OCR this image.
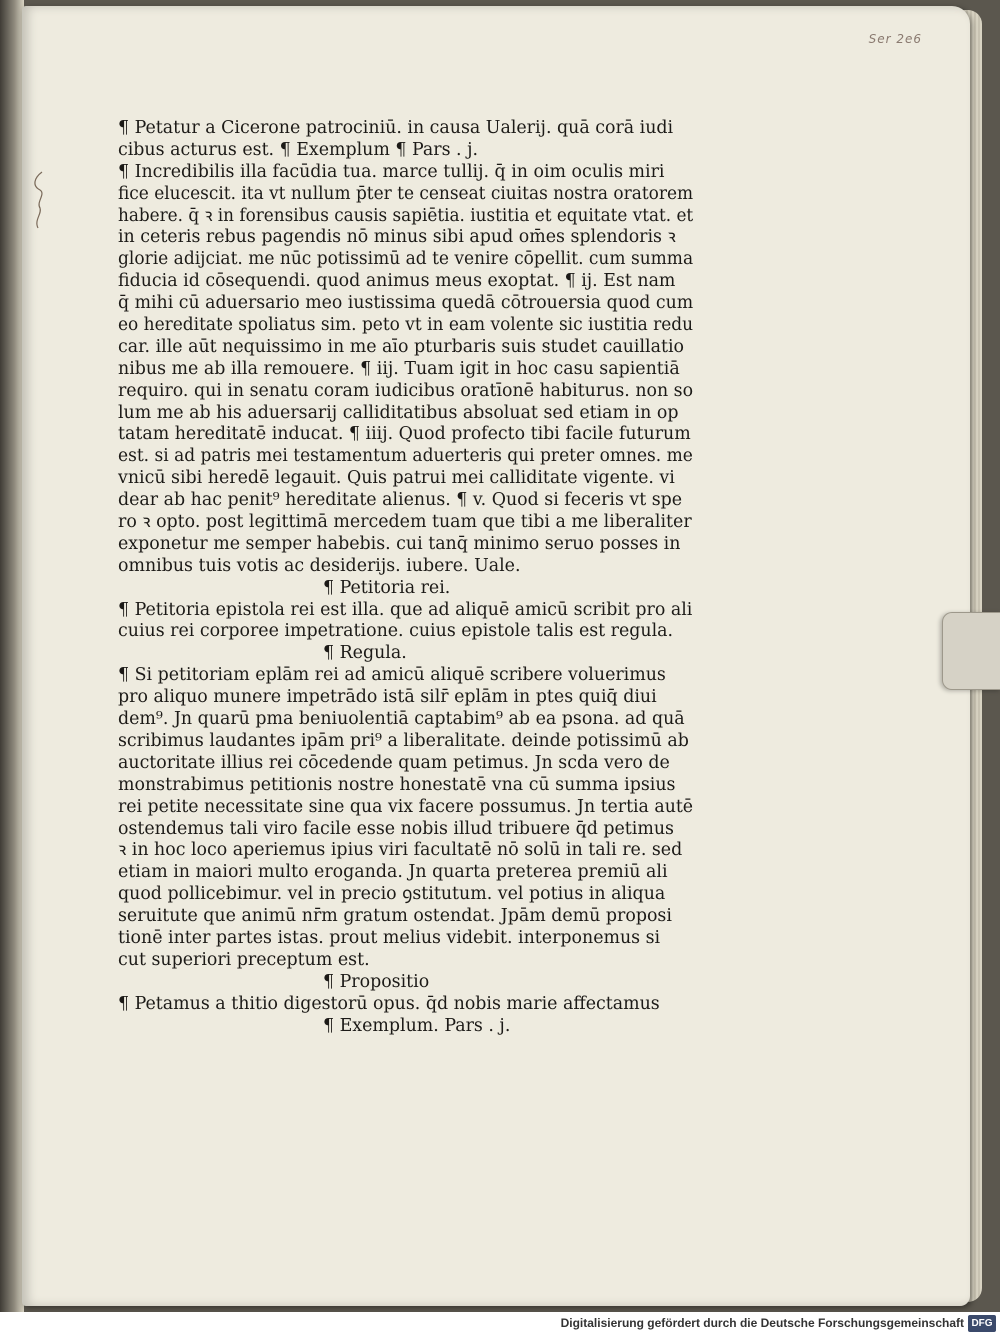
Ser 2e6
¶ Petatur a Cicerone patrociniū. in causa Ualerij. quā corā iudi
cibus acturus est. ¶ Exemplum ¶ Pars . j.
¶ Incredibilis illa facūdia tua. marce tullij. q̄ in oim oculis miri
fice elucescit. ita vt nullum p̄ter te censeat ciuitas nostra oratorem
habere. q̄ ꝛ in forensibus causis sapiētia. iustitia et equitate vtat. et
in ceteris rebus pagendis nō minus sibi apud om̄es splendoris ꝛ
glorie adijciat. me nūc potissimū ad te venire cōpellit. cum summa
fiducia id cōsequendi. quod animus meus exoptat. ¶ ij. Est nam
q̄ mihi cū aduersario meo iustissima quedā cōtrouersia quod cum
eo hereditate spoliatus sim. peto vt in eam volente sic iustitia redu
car. ille aūt nequissimo in me aīo pturbaris suis studet cauillatio
nibus me ab illa remouere. ¶ iij. Tuam igit in hoc casu sapientiā
requiro. qui in senatu coram iudicibus oratīonē habiturus. non so
lum me ab his aduersarij calliditatibus absoluat sed etiam in op
tatam hereditatē inducat. ¶ iiij. Quod profecto tibi facile futurum
est. si ad patris mei testamentum aduerteris qui preter omnes. me
vnicū sibi heredē legauit. Quis patrui mei calliditate vigente. vi
dear ab hac penit⁹ hereditate alienus. ¶ v. Quod si feceris vt spe
ro ꝛ opto. post legittimā mercedem tuam que tibi a me liberaliter
exponetur me semper habebis. cui tanq̄ minimo seruo posses in
omnibus tuis votis ac desiderijs. iubere. Uale.
¶ Petitoria rei.
¶ Petitoria epistola rei est illa. que ad aliquē amicū scribit pro ali
cuius rei corporee impetratione. cuius epistole talis est regula.
¶ Regula.
¶ Si petitoriam eplām rei ad amicū aliquē scribere voluerimus
pro aliquo munere impetrādo istā silr̄ eplām in ptes quiq̄ diui
dem⁹. Jn quarū pma beniuolentiā captabim⁹ ab ea psona. ad quā
scribimus laudantes ipām pri⁹ a liberalitate. deinde potissimū ab
auctoritate illius rei cōcedende quam petimus. Jn scda vero de
monstrabimus petitionis nostre honestatē vna cū summa ipsius
rei petite necessitate sine qua vix facere possumus. Jn tertia autē
ostendemus tali viro facile esse nobis illud tribuere q̄d petimus
ꝛ in hoc loco aperiemus ipius viri facultatē nō solū in tali re. sed
etiam in maiori multo eroganda. Jn quarta preterea premiū ali
quod pollicebimur. vel in precio ꝯstitutum. vel potius in aliqua
seruitute que animū nr̄m gratum ostendat. Jpām demū proposi
tionē inter partes istas. prout melius videbit. interponemus si
cut superiori preceptum est.
¶ Propositio
¶ Petamus a thitio digestorū opus. q̄d nobis marie affectamus
¶ Exemplum. Pars . j.
Digitalisierung gefördert durch die Deutsche Forschungsgemeinschaft DFG
